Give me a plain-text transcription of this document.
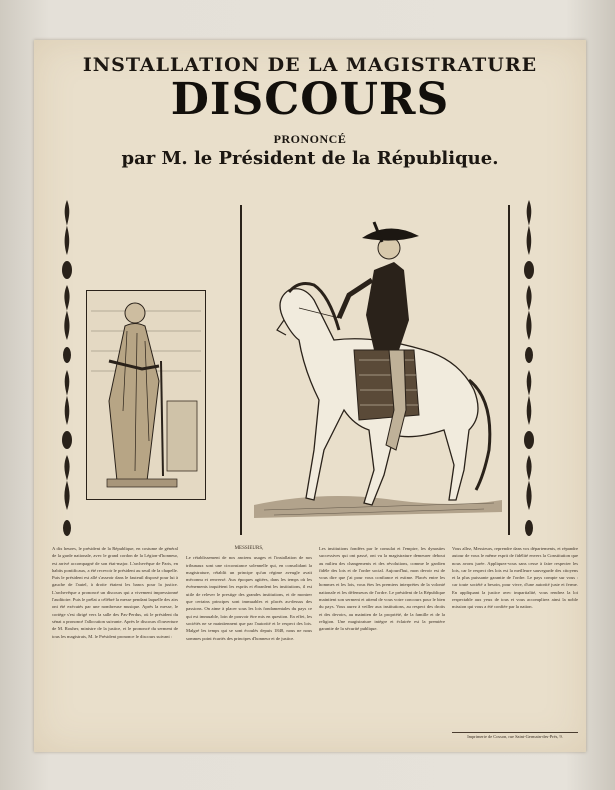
INSTALLATION DE LA MAGISTRATURE
DISCOURS
PRONONCÉ
par M. le Président de la République.
A dix heures, le président de la République, en costume de général de la garde nationale, avec le grand cordon de la Légion-d'honneur, est arrivé accompagné de son état-major. L'archevêque de Paris, en habits pontificaux, a été recevoir le président au seuil de la chapelle. Puis le président est allé s'asseoir dans le fauteuil disposé pour lui à gauche de l'autel, à droite étaient les bancs pour la justice. L'archevêque a prononcé un discours qui a vivement impressionné l'auditoire. Puis le prélat a célébré la messe pendant laquelle des airs ont été exécutés par une nombreuse musique. Après la messe, le cortège s'est dirigé vers la salle des Pas-Perdus, où le président du sénat a prononcé l'allocution suivante. Après le discours d'ouverture de M. Rouher, ministre de la justice, et le prononcé du serment de tous les magistrats, M. le Président prononce le discours suivant :
MESSIEURS,
Le rétablissement de nos anciens usages et l'installation de nos tribunaux sont une circonstance solennelle qui, en consolidant la magistrature, rétablit un principe qu'un régime aveugle avait méconnu et renversé. Aux époques agitées, dans les temps où les événements inquiètent les esprits et ébranlent les institutions, il est utile de relever le prestige des grandes institutions, et de montrer que certains principes sont immuables et placés au-dessus des passions. On aime à placer sous les lois fondamentales du pays ce qui est immuable, loin de pouvoir être mis en question. En effet, les sociétés ne se maintiennent que par l'autorité et le respect des lois. Malgré les temps qui se sont écoulés depuis 1848, nous ne nous sommes point écartés des principes d'honneur et de justice.
Les institutions fondées par le consulat et l'empire, les dynasties successives qui ont passé, ont vu la magistrature demeurer debout au milieu des changements et des révolutions, comme le gardien fidèle des lois et de l'ordre social. Aujourd'hui, mon devoir est de vous dire que j'ai pour vous confiance et estime. Placés entre les hommes et les lois, vous êtes les premiers interprètes de la volonté nationale et les défenseurs de l'ordre. Le président de la République maintient son serment et attend de vous votre concours pour le bien du pays. Vous aurez à veiller aux institutions, au respect des droits et des devoirs, au maintien de la propriété, de la famille et de la religion. Une magistrature intègre et éclairée est la première garantie de la sécurité publique.
Vous allez, Messieurs, reprendre dans vos départements, et répandre autour de vous le même esprit de fidélité envers la Constitution que nous avons jurée. Appliquez-vous sans cesse à faire respecter les lois, car le respect des lois est la meilleure sauvegarde des citoyens et la plus puissante garantie de l'ordre. Le pays compte sur vous : car toute société a besoin, pour vivre, d'une autorité juste et ferme. En appliquant la justice avec impartialité, vous rendrez la loi respectable aux yeux de tous et vous accomplirez ainsi la noble mission qui vous a été confiée par la nation.
Imprimerie de Cosson, rue Saint-Germain-des-Prés, 9.
